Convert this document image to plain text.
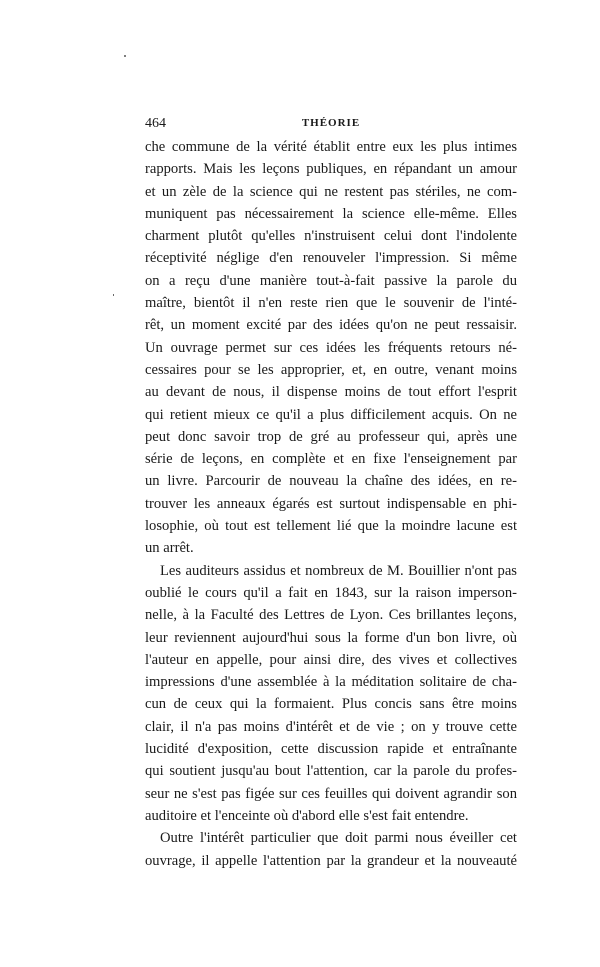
464	THÉORIE
che commune de la vérité établit entre eux les plus intimes
rapports. Mais les leçons publiques, en répandant un amour
et un zèle de la science qui ne restent pas stériles, ne com-
muniquent pas nécessairement la science elle-même. Elles
charment plutôt qu'elles n'instruisent celui dont l'indolente
réceptivité néglige d'en renouveler l'impression. Si même
on a reçu d'une manière tout-à-fait passive la parole du
maître, bientôt il n'en reste rien que le souvenir de l'inté-
rêt, un moment excité par des idées qu'on ne peut ressaisir.
Un ouvrage permet sur ces idées les fréquents retours né-
cessaires pour se les approprier, et, en outre, venant moins
au devant de nous, il dispense moins de tout effort l'esprit
qui retient mieux ce qu'il a plus difficilement acquis. On ne
peut donc savoir trop de gré au professeur qui, après une
série de leçons, en complète et en fixe l'enseignement par
un livre. Parcourir de nouveau la chaîne des idées, en re-
trouver les anneaux égarés est surtout indispensable en phi-
losophie, où tout est tellement lié que la moindre lacune est
un arrêt.
Les auditeurs assidus et nombreux de M. Bouillier n'ont pas
oublié le cours qu'il a fait en 1843, sur la raison imperson-
nelle, à la Faculté des Lettres de Lyon. Ces brillantes leçons,
leur reviennent aujourd'hui sous la forme d'un bon livre, où
l'auteur en appelle, pour ainsi dire, des vives et collectives
impressions d'une assemblée à la méditation solitaire de cha-
cun de ceux qui la formaient. Plus concis sans être moins
clair, il n'a pas moins d'intérêt et de vie ; on y trouve cette
lucidité d'exposition, cette discussion rapide et entraînante
qui soutient jusqu'au bout l'attention, car la parole du profes-
seur ne s'est pas figée sur ces feuilles qui doivent agrandir son
auditoire et l'enceinte où d'abord elle s'est fait entendre.
Outre l'intérêt particulier que doit parmi nous éveiller cet
ouvrage, il appelle l'attention par la grandeur et la nouveauté
